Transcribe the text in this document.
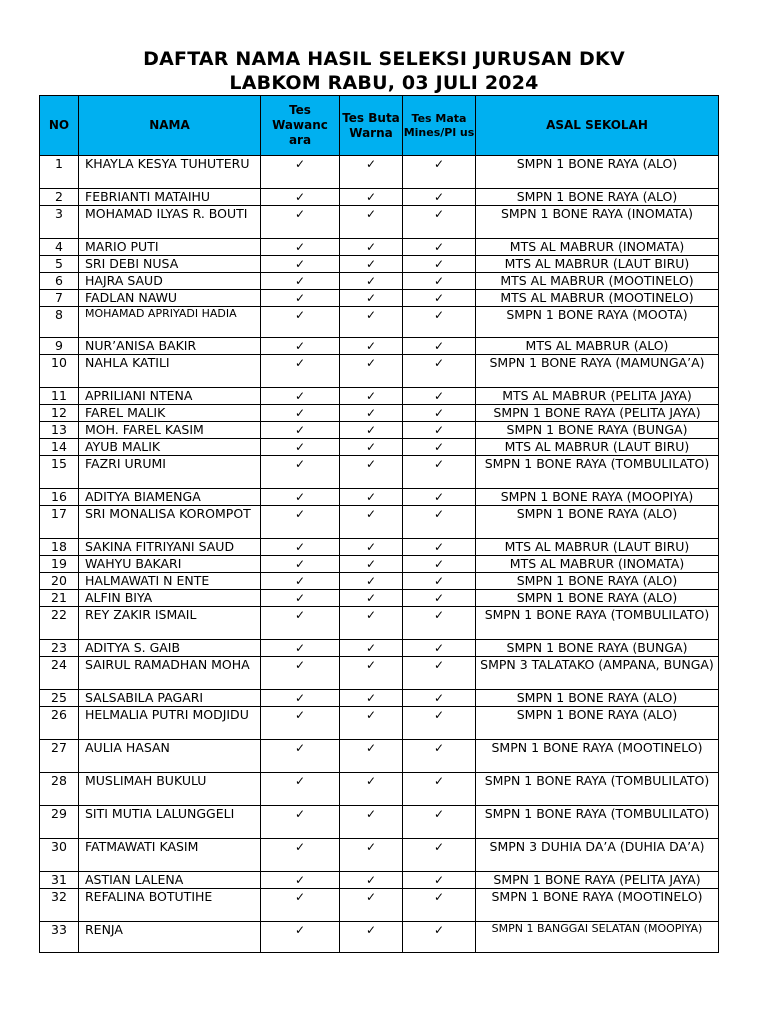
DAFTAR NAMA HASIL SELEKSI JURUSAN DKV
LABKOM RABU, 03 JULI 2024
NO	NAMA	Tes Wawanc ara	Tes Buta Warna	Tes Mata Mines/Pl us	ASAL SEKOLAH
1	KHAYLA KESYA TUHUTERU	✓	✓	✓	SMPN 1 BONE RAYA (ALO)
2	FEBRIANTI MATAIHU	✓	✓	✓	SMPN 1 BONE RAYA (ALO)
3	MOHAMAD ILYAS R. BOUTI	✓	✓	✓	SMPN 1 BONE RAYA (INOMATA)
4	MARIO PUTI	✓	✓	✓	MTS AL MABRUR (INOMATA)
5	SRI DEBI NUSA	✓	✓	✓	MTS AL MABRUR (LAUT BIRU)
6	HAJRA SAUD	✓	✓	✓	MTS AL MABRUR (MOOTINELO)
7	FADLAN NAWU	✓	✓	✓	MTS AL MABRUR (MOOTINELO)
8	MOHAMAD APRIYADI HADIA	✓	✓	✓	SMPN 1 BONE RAYA (MOOTA)
9	NUR’ANISA BAKIR	✓	✓	✓	MTS AL MABRUR (ALO)
10	NAHLA KATILI	✓	✓	✓	SMPN 1 BONE RAYA (MAMUNGA’A)
11	APRILIANI NTENA	✓	✓	✓	MTS AL MABRUR (PELITA JAYA)
12	FAREL MALIK	✓	✓	✓	SMPN 1 BONE RAYA (PELITA JAYA)
13	MOH. FAREL KASIM	✓	✓	✓	SMPN 1 BONE RAYA (BUNGA)
14	AYUB MALIK	✓	✓	✓	MTS AL MABRUR (LAUT BIRU)
15	FAZRI URUMI	✓	✓	✓	SMPN 1 BONE RAYA (TOMBULILATO)
16	ADITYA BIAMENGA	✓	✓	✓	SMPN 1 BONE RAYA (MOOPIYA)
17	SRI MONALISA KOROMPOT	✓	✓	✓	SMPN 1 BONE RAYA (ALO)
18	SAKINA FITRIYANI SAUD	✓	✓	✓	MTS AL MABRUR (LAUT BIRU)
19	WAHYU BAKARI	✓	✓	✓	MTS AL MABRUR (INOMATA)
20	HALMAWATI N ENTE	✓	✓	✓	SMPN 1 BONE RAYA (ALO)
21	ALFIN BIYA	✓	✓	✓	SMPN 1 BONE RAYA (ALO)
22	REY ZAKIR ISMAIL	✓	✓	✓	SMPN 1 BONE RAYA (TOMBULILATO)
23	ADITYA S. GAIB	✓	✓	✓	SMPN 1 BONE RAYA (BUNGA)
24	SAIRUL RAMADHAN MOHA	✓	✓	✓	SMPN 3 TALATAKO (AMPANA, BUNGA)
25	SALSABILA PAGARI	✓	✓	✓	SMPN 1 BONE RAYA (ALO)
26	HELMALIA PUTRI MODJIDU	✓	✓	✓	SMPN 1 BONE RAYA (ALO)
27	AULIA HASAN	✓	✓	✓	SMPN 1 BONE RAYA (MOOTINELO)
28	MUSLIMAH BUKULU	✓	✓	✓	SMPN 1 BONE RAYA (TOMBULILATO)
29	SITI MUTIA LALUNGGELI	✓	✓	✓	SMPN 1 BONE RAYA (TOMBULILATO)
30	FATMAWATI KASIM	✓	✓	✓	SMPN 3 DUHIA DA’A (DUHIA DA’A)
31	ASTIAN LALENA	✓	✓	✓	SMPN 1 BONE RAYA (PELITA JAYA)
32	REFALINA BOTUTIHE	✓	✓	✓	SMPN 1 BONE RAYA (MOOTINELO)
33	RENJA	✓	✓	✓	SMPN 1 BANGGAI SELATAN (MOOPIYA)
